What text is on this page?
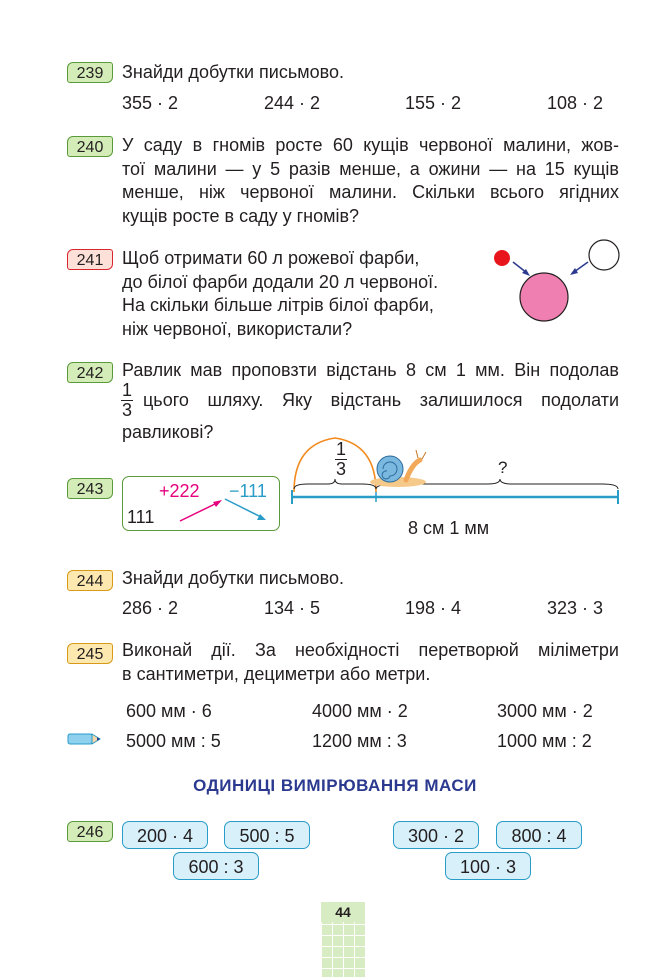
239	Знайди добутки письмово.
355 · 2	244 · 2	155 · 2	108 · 2
240	У саду в гномів росте 60 кущів червоної малини, жов-
тої малини — у 5 разів менше, а ожини — на 15 кущів
менше, ніж червоної малини. Скільки всього ягідних
кущів росте в саду у гномів?
241	Щоб отримати 60 л рожевої фарби,
до білої фарби додали 20 л червоної.
На скільки більше літрів білої фарби,
ніж червоної, використали?
242	Равлик мав проповзти відстань 8 см 1 мм. Він подолав
1
3 цього шляху. Яку відстань залишилося подолати
равликові?
243	+222 −111
111
1
3	?
8 см 1 мм
244	Знайди добутки письмово.
286 · 2	134 · 5	198 · 4	323 · 3
245	Виконай дії. За необхідності перетворюй міліметри
в сантиметри, дециметри або метри.
600 мм · 6	4000 мм · 2	3000 мм · 2
5000 мм : 5	1200 мм : 3	1000 мм : 2
ОДИНИЦІ ВИМІРЮВАННЯ МАСИ
246	200 · 4	500 : 5
600 : 3
300 · 2	800 : 4
100 · 3
44
